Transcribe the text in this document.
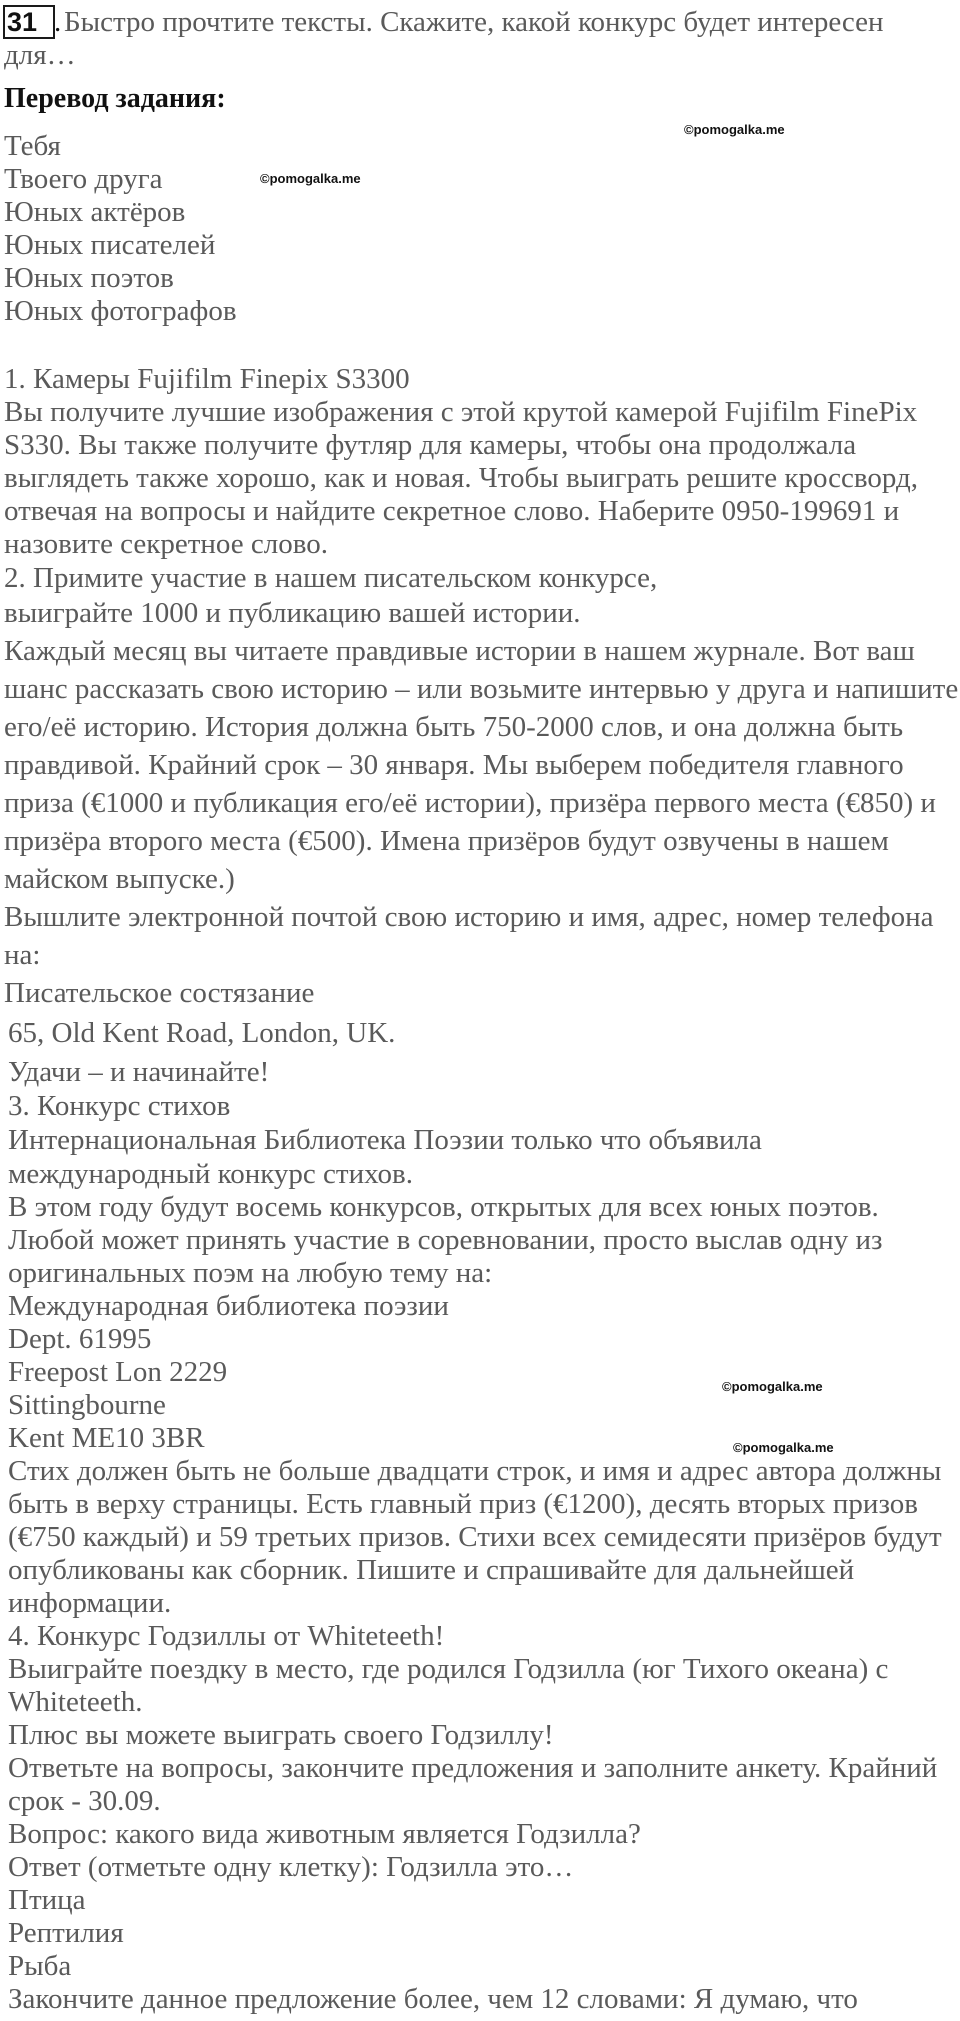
31 . Быстро прочтите тексты. Скажите, какой конкурс будет интересен
для…
Перевод задания:
Тебя
Твоего друга
Юных актёров
Юных писателей
Юных поэтов
Юных фотографов
©pomogalka.me
©pomogalka.me
©pomogalka.me
©pomogalka.me
1. Камеры Fujifilm Finepix S3300
Вы получите лучшие изображения с этой крутой камерой Fujifilm FinePix
S330. Вы также получите футляр для камеры, чтобы она продолжала
выглядеть также хорошо, как и новая. Чтобы выиграть решите кроссворд,
отвечая на вопросы и найдите секретное слово. Наберите 0950-199691 и
назовите секретное слово.
2. Примите участие в нашем писательском конкурсе,
выиграйте 1000 и публикацию вашей истории.
Каждый месяц вы читаете правдивые истории в нашем журнале. Вот ваш
шанс рассказать свою историю – или возьмите интервью у друга и напишите
его/её историю. История должна быть 750-2000 слов, и она должна быть
правдивой. Крайний срок – 30 января. Мы выберем победителя главного
приза (€1000 и публикация его/её истории), призёра первого места (€850) и
призёра второго места (€500). Имена призёров будут озвучены в нашем
майском выпуске.)
Вышлите электронной почтой свою историю и имя, адрес, номер телефона
на:
Писательское состязание
65, Old Kent Road, London, UK.
Удачи – и начинайте!
3. Конкурс стихов
Интернациональная Библиотека Поэзии только что объявила
международный конкурс стихов.
В этом году будут восемь конкурсов, открытых для всех юных поэтов.
Любой может принять участие в соревновании, просто выслав одну из
оригинальных поэм на любую тему на:
Международная библиотека поэзии
Dept. 61995
Freepost Lon 2229
Sittingbourne
Kent ME10 3BR
Стих должен быть не больше двадцати строк, и имя и адрес автора должны
быть в верху страницы. Есть главный приз (€1200), десять вторых призов
(€750 каждый) и 59 третьих призов. Стихи всех семидесяти призёров будут
опубликованы как сборник. Пишите и спрашивайте для дальнейшей
информации.
4. Конкурс Годзиллы от Whiteteeth!
Выиграйте поездку в место, где родился Годзилла (юг Тихого океана) с
Whiteteeth.
Плюс вы можете выиграть своего Годзиллу!
Ответьте на вопросы, закончите предложения и заполните анкету. Крайний
срок - 30.09.
Вопрос: какого вида животным является Годзилла?
Ответ (отметьте одну клетку): Годзилла это…
Птица
Рептилия
Рыба
Закончите данное предложение более, чем 12 словами: Я думаю, что
